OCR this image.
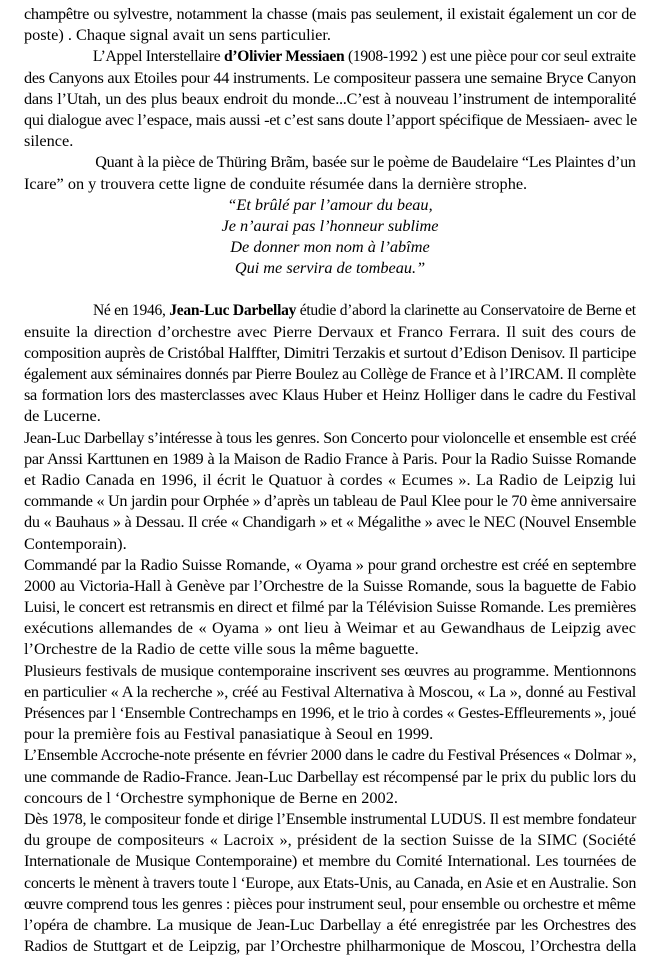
champêtre ou sylvestre, notamment la chasse (mais pas seulement, il existait également un cor de
poste) . Chaque signal avait un sens particulier.
L’Appel Interstellaire d’Olivier Messiaen (1908-1992 ) est une pièce pour cor seul extraite
des Canyons aux Etoiles pour 44 instruments. Le compositeur passera une semaine Bryce Canyon
dans l’Utah, un des plus beaux endroit du monde...C’est à nouveau l’instrument de intemporalité
qui dialogue avec l’espace, mais aussi -et c’est sans doute l’apport spécifique de Messiaen- avec le
silence.
Quant à la pièce de Thüring Brãm, basée sur le poème de Baudelaire “Les Plaintes d’un
Icare” on y trouvera cette ligne de conduite résumée dans la dernière strophe.
“Et brûlé par l’amour du beau,
Je n’aurai pas l’honneur sublime
De donner mon nom à l’abîme
Qui me servira de tombeau.”
Né en 1946, Jean-Luc Darbellay étudie d’abord la clarinette au Conservatoire de Berne et
ensuite la direction d’orchestre avec Pierre Dervaux et Franco Ferrara. Il suit des cours de
composition auprès de Cristóbal Halffter, Dimitri Terzakis et surtout d’Edison Denisov. Il participe
également aux séminaires donnés par Pierre Boulez au Collège de France et à l’IRCAM. Il complète
sa formation lors des masterclasses avec Klaus Huber et Heinz Holliger dans le cadre du Festival
de Lucerne.
Jean-Luc Darbellay s’intéresse à tous les genres. Son Concerto pour violoncelle et ensemble est créé
par Anssi Karttunen en 1989 à la Maison de Radio France à Paris. Pour la Radio Suisse Romande
et Radio Canada en 1996, il écrit le Quatuor à cordes « Ecumes ». La Radio de Leipzig lui
commande « Un jardin pour Orphée » d’après un tableau de Paul Klee pour le 70 ème anniversaire
du « Bauhaus » à Dessau. Il crée « Chandigarh » et « Mégalithe » avec le NEC (Nouvel Ensemble
Contemporain).
Commandé par la Radio Suisse Romande, « Oyama » pour grand orchestre est créé en septembre
2000 au Victoria-Hall à Genève par l’Orchestre de la Suisse Romande, sous la baguette de Fabio
Luisi, le concert est retransmis en direct et filmé par la Télévision Suisse Romande. Les premières
exécutions allemandes de « Oyama » ont lieu à Weimar et au Gewandhaus de Leipzig avec
l’Orchestre de la Radio de cette ville sous la même baguette.
Plusieurs festivals de musique contemporaine inscrivent ses œuvres au programme. Mentionnons
en particulier « A la recherche », créé au Festival Alternativa à Moscou, « La », donné au Festival
Présences par l ‘Ensemble Contrechamps en 1996, et le trio à cordes « Gestes-Effleurements », joué
pour la première fois au Festival panasiatique à Seoul en 1999.
L’Ensemble Accroche-note présente en février 2000 dans le cadre du Festival Présences « Dolmar »,
une commande de Radio-France. Jean-Luc Darbellay est récompensé par le prix du public lors du
concours de l ‘Orchestre symphonique de Berne en 2002.
Dès 1978, le compositeur fonde et dirige l’Ensemble instrumental LUDUS. Il est membre fondateur
du groupe de compositeurs « Lacroix », président de la section Suisse de la SIMC (Société
Internationale de Musique Contemporaine) et membre du Comité International. Les tournées de
concerts le mènent à travers toute l ‘Europe, aux Etats-Unis, au Canada, en Asie et en Australie. Son
œuvre comprend tous les genres : pièces pour instrument seul, pour ensemble ou orchestre et même
l’opéra de chambre. La musique de Jean-Luc Darbellay a été enregistrée par les Orchestres des
Radios de Stuttgart et de Leipzig, par l’Orchestre philharmonique de Moscou, l’Orchestra della
